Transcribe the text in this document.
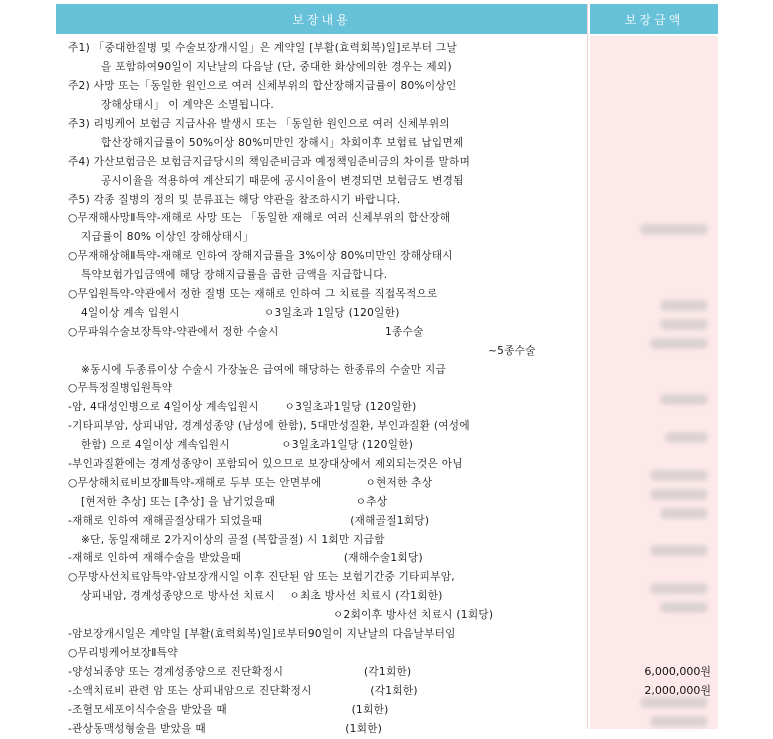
보장내용	보장금액
주1) 「중대한질병 및 수술보장개시일」은 계약일 [부활(효력회복)일]로부터 그날
을 포함하여90일이 지난날의 다음날 (단, 중대한 화상에의한 경우는 제외)
주2) 사망 또는「동일한 원인으로 여러 신체부위의 합산장해지급률이 80%이상인
장해상태시」 이 계약은 소멸됩니다.
주3) 리빙케어 보험금 지급사유 발생시 또는 「동일한 원인으로 여러 신체부위의
합산장해지급률이 50%이상 80%미만인 장해시」차회이후 보험료 납입면제
주4) 가산보험금은 보험금지급당시의 책임준비금과 예정책임준비금의 차이를 말하며
공시이율을 적용하여 계산되기 때문에 공시이율이 변경되면 보험금도 변경됨
주5) 각종 질병의 정의 및 분류표는 해당 약관을 참조하시기 바랍니다.
○무재해사망Ⅱ특약-재해로 사망 또는 「동일한 재해로 여러 신체부위의 합산장해
지급률이 80% 이상인 장해상태시」
○무재해상해Ⅱ특약-재해로 인하여 장해지급률을 3%이상 80%미만인 장해상태시
특약보험가입금액에 해당 장해지급률을 곱한 금액을 지급합니다.
○무입원특약-약관에서 정한 질병 또는 재해로 인하여 그 치료를 직접목적으로
4일이상 계속 입원시                       ㅇ3일초과 1일당 (120일한)
○무파워수술보장특약-약관에서 정한 수술시                             1종수술
~5종수술
※동시에 두종류이상 수술시 가장높은 급여에 해당하는 한종류의 수술만 지급
○무특정질병입원특약
-암, 4대성인병으로 4일이상 계속입원시       ㅇ3일초과1일당 (120일한)
-기타피부암, 상피내암, 경계성종양 (남성에 한함), 5대만성질환, 부인과질환 (여성에
한함) 으로 4일이상 계속입원시              ㅇ3일초과1일당 (120일한)
-부인과질환에는 경계성종양이 포함되어 있으므로 보장대상에서 제외되는것은 아님
○무상해치료비보장Ⅲ특약-재해로 두부 또는 안면부에            ㅇ현저한 추상
[현저한 추상] 또는 [추상] 을 남기었을때                      ㅇ추상
-재해로 인하여 재해골절상태가 되었을때                        (재해골절1회당)
※단, 동일재해로 2가지이상의 골절 (복합골절) 시 1회만 지급함
-재해로 인하여 재해수술을 받았을때                            (재해수술1회당)
○무방사선치료암특약-암보장개시일 이후 진단된 암 또는 보험기간중 기타피부암,
상피내암, 경계성종양으로 방사선 치료시    ㅇ최초 방사선 치료시 (각1회한)
ㅇ2회이후 방사선 치료시 (1회당)
-암보장개시일은 계약일 [부활(효력회복)일]로부터90일이 지난날의 다음날부터임
○무리빙케어보장Ⅱ특약
-양성뇌종양 또는 경계성종양으로 진단확정시                      (각1회한)
-소액치료비 관련 암 또는 상피내암으로 진단확정시                (각1회한)
-조혈모세포이식수술을 받았을 때                                  (1회한)
-관상동맥성형술을 받았을 때                                      (1회한)
6,000,000원
2,000,000원
